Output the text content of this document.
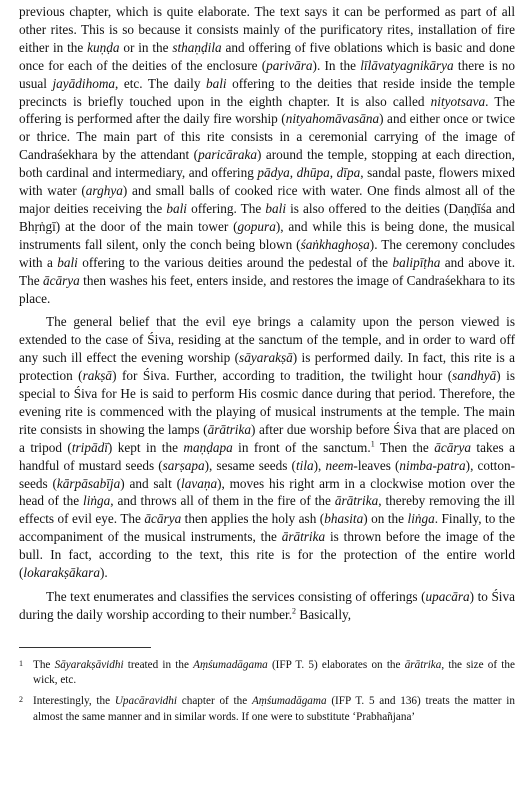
previous chapter, which is quite elaborate. The text says it can be performed as part of all other rites. This is so because it consists mainly of the purificatory rites, installation of fire either in the kuṇḍa or in the sthaṇḍila and offering of five oblations which is basic and done once for each of the deities of the enclosure (parivāra). In the līlāvatyagnikārya there is no usual jayādihoma, etc. The daily bali offering to the deities that reside inside the temple precincts is briefly touched upon in the eighth chapter. It is also called nityotsava. The offering is performed after the daily fire worship (nityahomāvasāna) and either once or twice or thrice. The main part of this rite consists in a ceremonial carrying of the image of Candraśekhara by the attendant (paricāraka) around the temple, stopping at each direction, both cardinal and intermediary, and offering pādya, dhūpa, dīpa, sandal paste, flowers mixed with water (arghya) and small balls of cooked rice with water. One finds almost all of the major deities receiving the bali offering. The bali is also offered to the deities (Daṇḍīśa and Bhṛṅgī) at the door of the main tower (gopura), and while this is being done, the musical instruments fall silent, only the conch being blown (śaṅkhaghoṣa). The ceremony concludes with a bali offering to the various deities around the pedestal of the balipīṭha and above it. The ācārya then washes his feet, enters inside, and restores the image of Candraśekhara to its place.

The general belief that the evil eye brings a calamity upon the person viewed is extended to the case of Śiva, residing at the sanctum of the temple, and in order to ward off any such ill effect the evening worship (sāyarakṣā) is performed daily. In fact, this rite is a protection (rakṣā) for Śiva. Further, according to tradition, the twilight hour (sandhyā) is special to Śiva for He is said to perform His cosmic dance during that period. Therefore, the evening rite is commenced with the playing of musical instruments at the temple. The main rite consists in showing the lamps (ārātrika) after due worship before Śiva that are placed on a tripod (tripādī) kept in the maṇḍapa in front of the sanctum.$^1$ Then the ācārya takes a handful of mustard seeds (sarṣapa), sesame seeds (tila), neem-leaves (nimba-patra), cotton-seeds (kārpāsabīja) and salt (lavaṇa), moves his right arm in a clockwise motion over the head of the liṅga, and throws all of them in the fire of the ārātrika, thereby removing the ill effects of evil eye. The ācārya then applies the holy ash (bhasita) on the liṅga. Finally, to the accompaniment of the musical instruments, the ārātrika is thrown before the image of the bull. In fact, according to the text, this rite is for the protection of the entire world (lokarakṣākara).

The text enumerates and classifies the services consisting of offerings (upacāra) to Śiva during the daily worship according to their number.$^2$ Basically,

1 The Sāyarakṣāvidhi treated in the Aṃśumadāgama (IFP T. 5) elaborates on the ārātrika, the size of the wick, etc.

2 Interestingly, the Upacāravidhi chapter of the Aṃśumadāgama (IFP T. 5 and 136) treats the matter in almost the same manner and in similar words. If one were to substitute ‘Prabhañjana’
